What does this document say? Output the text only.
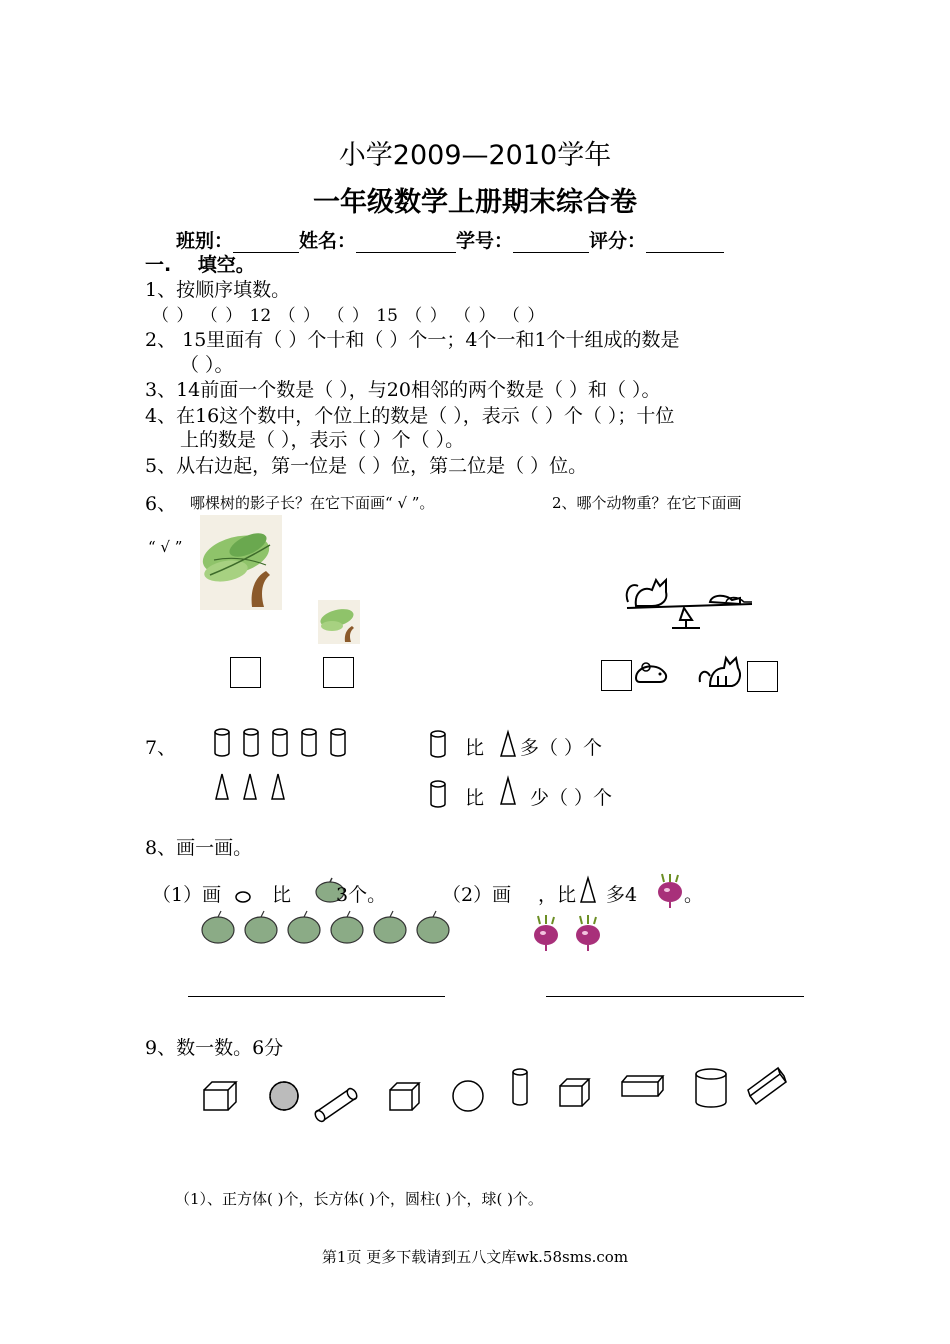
小学2009—2010学年
一年级数学上册期末综合卷
班别：	姓名：	学号：	评分：
一. 填空。
1、按顺序填数。
（ ） （ ） 12 （ ） （ ） 15 （ ） （ ） （ ）
2、 15里面有（ ）个十和（ ）个一；4个一和1个十组成的数是
（ ）。
3、14前面一个数是（ ），与20相邻的两个数是（ ）和（ ）。
4、在16这个数中，个位上的数是（ ），表示（ ）个（ ）；十位
上的数是（ ），表示（ ）个（ ）。
5、从右边起，第一位是（ ）位，第二位是（ ）位。
6、 哪棵树的影子长？在它下面画“ √ ”。	2、哪个动物重？在它下面画
“ √ ”
7、	比 多（ ）个
比 少（ ）个
8、画一画。
（1）画	比 3个。	（2）画 ，比 多4 。
9、数一数。6分
（1）、正方体( )个，长方体( )个，圆柱( )个，球( )个。
第1页 更多下载请到五八文库wk.58sms.com
